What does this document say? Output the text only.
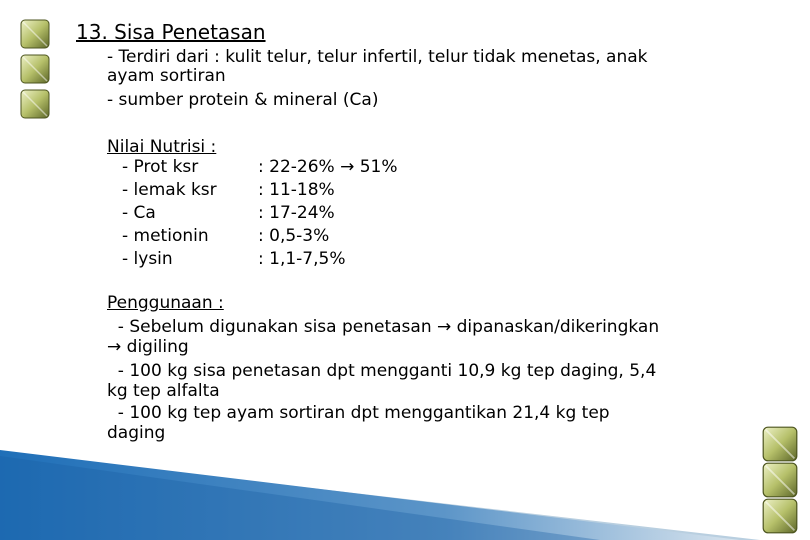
13. Sisa Penetasan
- Terdiri dari : kulit telur, telur infertil, telur tidak menetas, anak
ayam sortiran
- sumber protein & mineral (Ca)
Nilai Nutrisi :
- Prot ksr	: 22-26% → 51%
- lemak ksr : 11-18%
- Ca	: 17-24%
- metionin	: 0,5-3%
- lysin	: 1,1-7,5%
Penggunaan :
- Sebelum digunakan sisa penetasan → dipanaskan/dikeringkan
→ digiling
- 100 kg sisa penetasan dpt mengganti 10,9 kg tep daging, 5,4
kg tep alfalta
- 100 kg tep ayam sortiran dpt menggantikan 21,4 kg tep
daging
